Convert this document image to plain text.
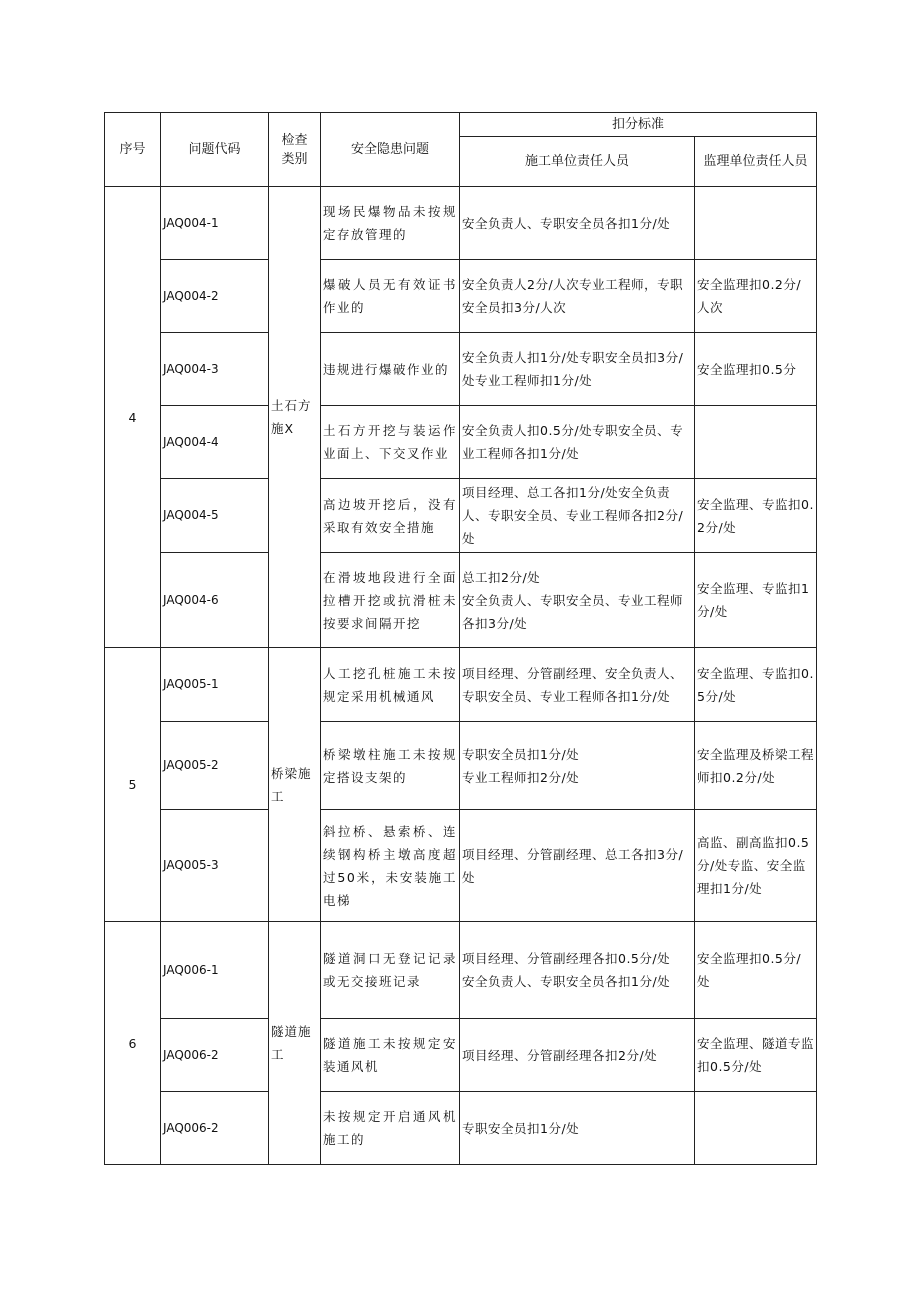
序号	问题代码	检查类别	安全隐患问题	扣分标准	
				施工单位责任人员	监理单位责任人员
4	JAQ004-1	土石方施X	现场民爆物品未按规定存放管理的	安全负责人、专职安全员各扣1分/处	

	JAQ004-2		爆破人员无有效证书作业的	安全负责人2分/人次专业工程师，专职安全员扣3分/人次	安全监理扣0.2分/人次

	JAQ004-3		违规进行爆破作业的	安全负责人扣1分/处专职安全员扣3分/处专业工程师扣1分/处	安全监理扣0.5分

	JAQ004-4		土石方开挖与装运作业面上、下交叉作业	安全负责人扣0.5分/处专职安全员、专业工程师各扣1分/处	

	JAQ004-5		高边坡开挖后，没有采取有效安全措施	项目经理、总工各扣1分/处安全负责人、专职安全员、专业工程师各扣2分/处	安全监理、专监扣0.2分/处

	JAQ004-6		在滑坡地段进行全面拉槽开挖或抗滑桩未按要求间隔开挖	总工扣2分/处
安全负责人、专职安全员、专业工程师各扣3分/处	安全监理、专监扣1分/处

5	JAQ005-1	桥梁施工	人工挖孔桩施工未按规定采用机械通风	项目经理、分管副经理、安全负责人、专职安全员、专业工程师各扣1分/处	安全监理、专监扣0.5分/处

	JAQ005-2		桥梁墩柱施工未按规定搭设支架的	专职安全员扣1分/处
专业工程师扣2分/处	安全监理及桥梁工程师扣0.2分/处

	JAQ005-3		斜拉桥、悬索桥、连续钢构桥主墩高度超过50米，未安装施工电梯	项目经理、分管副经理、总工各扣3分/处	高监、副高监扣0.5分/处专监、安全监理扣1分/处

6	JAQ006-1	隧道施工	隧道洞口无登记记录或无交接班记录	项目经理、分管副经理各扣0.5分/处
安全负责人、专职安全员各扣1分/处	安全监理扣0.5分/处

	JAQ006-2		隧道施工未按规定安装通风机	项目经理、分管副经理各扣2分/处	安全监理、隧道专监扣0.5分/处

	JAQ006-2		未按规定开启通风机施工的	专职安全员扣1分/处	
